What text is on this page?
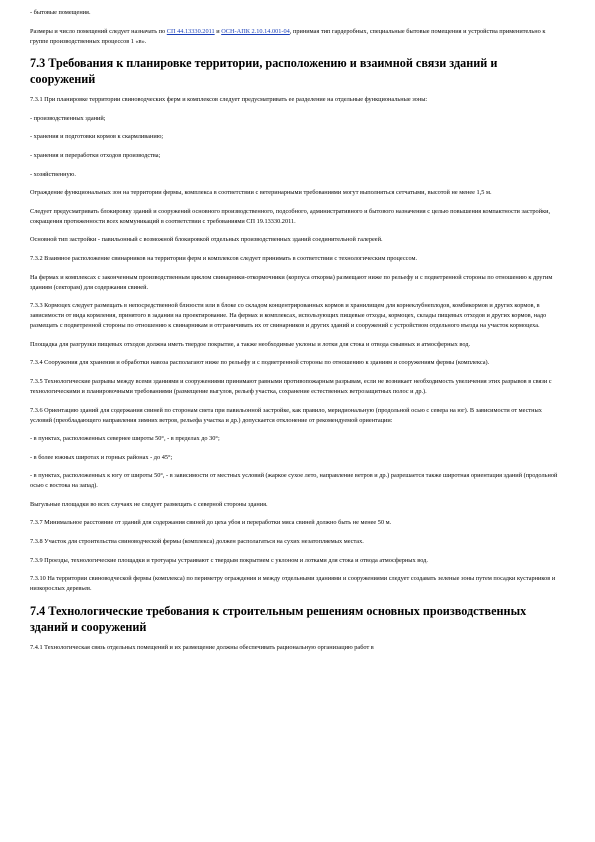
- бытовые помещения.

Размеры и число помещений следует назначать по СП 44.13330.2011 и ОСН-АПК 2.10.14.001-04, принимая тип гардеробных, специальные бытовые помещения и устройства применительно к группе производственных процессов 1 «в».

7.3 Требования к планировке территории, расположению и взаимной связи зданий и сооружений

7.3.1 При планировке территории свиноводческих ферм и комплексов следует предусматривать ее разделение на отдельные функциональные зоны:

- производственных зданий;

- хранения и подготовки кормов к скармливанию;

- хранения и переработки отходов производства;

- хозяйственную.

Ограждение функциональных зон на территории фермы, комплекса в соответствии с ветеринарными требованиями могут выполняться сетчатыми, высотой не менее 1,5 м.

Следует предусматривать блокировку зданий и сооружений основного производственного, подсобного, административного и бытового назначения с целью повышения компактности застройки, сокращения протяженности всех коммуникаций в соответствии с требованиями СП 19.13330.2011.

Основной тип застройки - павильонный с возможной блокировкой отдельных производственных зданий соединительной галереей.

7.3.2 Взаимное расположение свинарников на территории ферм и комплексов следует принимать в соответствии с технологическим процессом.

На фермах и комплексах с законченным производственным циклом свинарники-откормочники (корпуса откорма) размещают ниже по рельефу и с подветренной стороны по отношению к другим зданиям (секторам) для содержания свиней.

7.3.3 Кормоцех следует размещать в непосредственной близости или в блоке со складом концентрированных кормов и хранилищем для корнеклубнеплодов, комбикормов и других кормов, в зависимости от вида кормления, принятого в задании на проектирование. На фермах и комплексах, использующих пищевые отходы, кормоцех, склады пищевых отходов и других кормов, надо размещать с подветренной стороны по отношению к свинарникам и отграничивать их от свинарников и других зданий и сооружений с устройством отдельного въезда на участок кормоцеха.

Площадка для разгрузки пищевых отходов должна иметь твердое покрытие, а также необходимые уклоны и лотки для стока и отвода смывных и атмосферных вод.

7.3.4 Сооружения для хранения и обработки навоза располагают ниже по рельефу и с подветренной стороны по отношению к зданиям и сооружениям фермы (комплекса).

7.3.5 Технологические разрывы между всеми зданиями и сооружениями принимают равными противопожарным разрывам, если не возникает необходимость увеличения этих разрывов в связи с технологическими и планировочными требованиями (размещение выгулов, рельеф участка, сохранение естественных ветрозащитных полос и др.).

7.3.6 Ориентацию зданий для содержания свиней по сторонам света при павильонной застройке, как правило, меридиональную (продольной осью с севера на юг). В зависимости от местных условий (преобладающего направления зимних ветров, рельефа участка и др.) допускается отклонение от рекомендуемой ориентации:

- в пунктах, расположенных севернее широты 50°, - в пределах до 30°;

- в более южных широтах и горных районах - до 45°;

- в пунктах, расположенных к югу от широты 50°, - в зависимости от местных условий (жаркое сухое лето, направление ветров и др.) разрешается также широтная ориентация зданий (продольной осью с востока на запад).

Выгульные площадки во всех случаях не следует размещать с северной стороны здания.

7.3.7 Минимальное расстояние от зданий для содержания свиней до цеха убоя и переработки мяса свиней должно быть не менее 50 м.

7.3.8 Участок для строительства свиноводческой фермы (комплекса) должен располагаться на сухих незатопляемых местах.

7.3.9 Проезды, технологические площадки и тротуары устраивают с твердым покрытием с уклоном и лотками для стока и отвода атмосферных вод.

7.3.10 На территории свиноводческой фермы (комплекса) по периметру ограждения и между отдельными зданиями и сооружениями следует создавать зеленые зоны путем посадки кустарников и низкорослых деревьев.

7.4 Технологические требования к строительным решениям основных производственных зданий и сооружений

7.4.1 Технологическая связь отдельных помещений и их размещение должны обеспечивать рациональную организацию работ в
